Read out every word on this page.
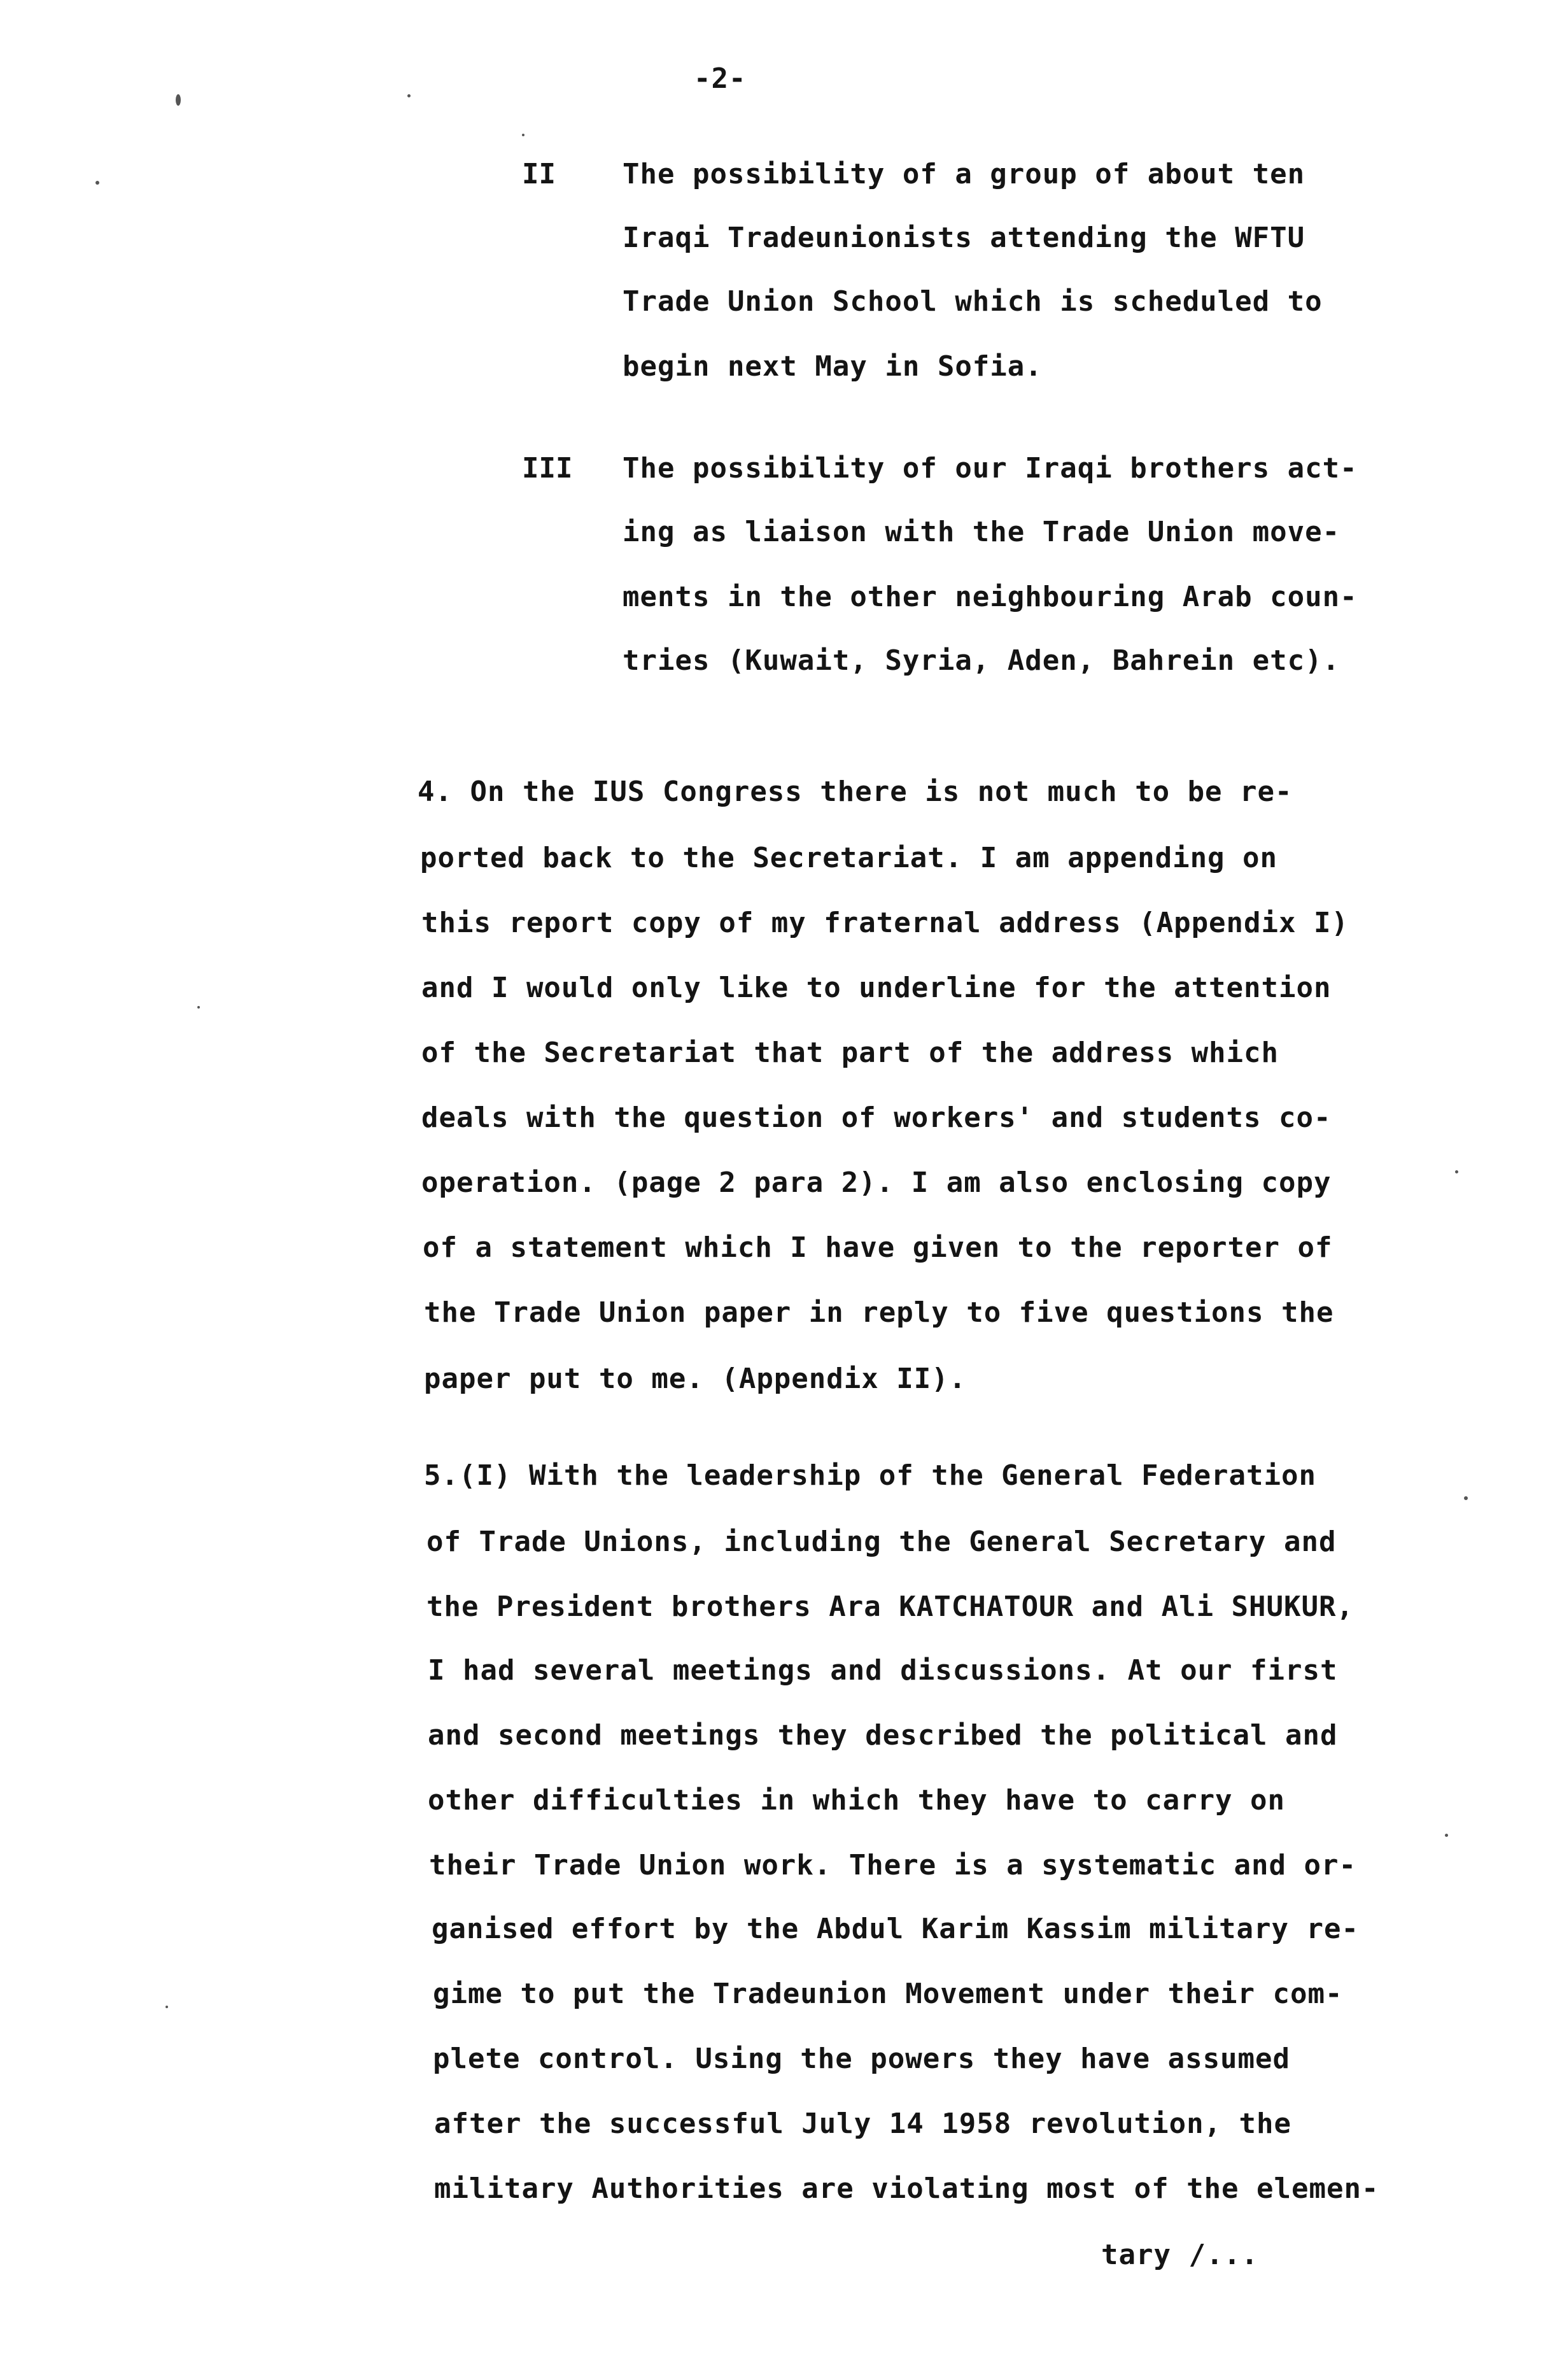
-2-
II The possibility of a group of about ten
Iraqi Tradeunionists attending the WFTU
Trade Union School which is scheduled to
begin next May in Sofia.
III The possibility of our Iraqi brothers act-
ing as liaison with the Trade Union move-
ments in the other neighbouring Arab coun-
tries (Kuwait, Syria, Aden, Bahrein etc).
4. On the IUS Congress there is not much to be re-
ported back to the Secretariat. I am appending on
this report copy of my fraternal address (Appendix I)
and I would only like to underline for the attention
of the Secretariat that part of the address which
deals with the question of workers' and students co-
operation. (page 2 para 2). I am also enclosing copy
of a statement which I have given to the reporter of
the Trade Union paper in reply to five questions the
paper put to me. (Appendix II).
5.(I) With the leadership of the General Federation
of Trade Unions, including the General Secretary and
the President brothers Ara KATCHATOUR and Ali SHUKUR,
I had several meetings and discussions. At our first
and second meetings they described the political and
other difficulties in which they have to carry on
their Trade Union work. There is a systematic and or-
ganised effort by the Abdul Karim Kassim military re-
gime to put the Tradeunion Movement under their com-
plete control. Using the powers they have assumed
after the successful July 14 1958 revolution, the
military Authorities are violating most of the elemen-
tary /...
